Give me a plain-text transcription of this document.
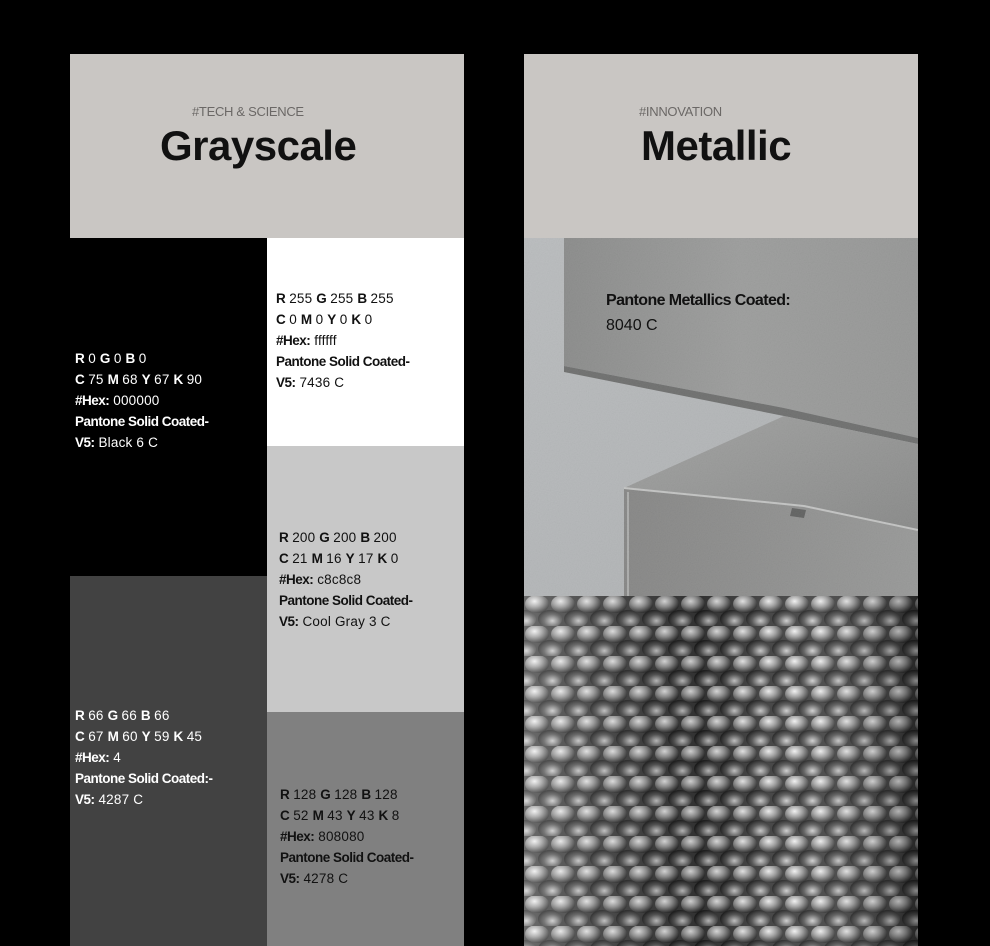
#TECH & SCIENCE
Grayscale
R 0 G 0 B 0
C 75 M 68 Y 67 K 90
#Hex: 000000
Pantone Solid Coated-
V5: Black 6 C
R 255 G 255 B 255
C 0 M 0 Y 0 K 0
#Hex: ffffff
Pantone Solid Coated-
V5: 7436 C
R 200 G 200 B 200
C 21 M 16 Y 17 K 0
#Hex: c8c8c8
Pantone Solid Coated-
V5: Cool Gray 3 C
R 66 G 66 B 66
C 67 M 60 Y 59 K 45
#Hex: 4
Pantone Solid Coated:-
V5: 4287 C	R 128 G 128 B 128
C 52 M 43 Y 43 K 8
#Hex: 808080
Pantone Solid Coated-
V5: 4278 C
#INNOVATION
Metallic
Pantone Metallics Coated:
8040 C
